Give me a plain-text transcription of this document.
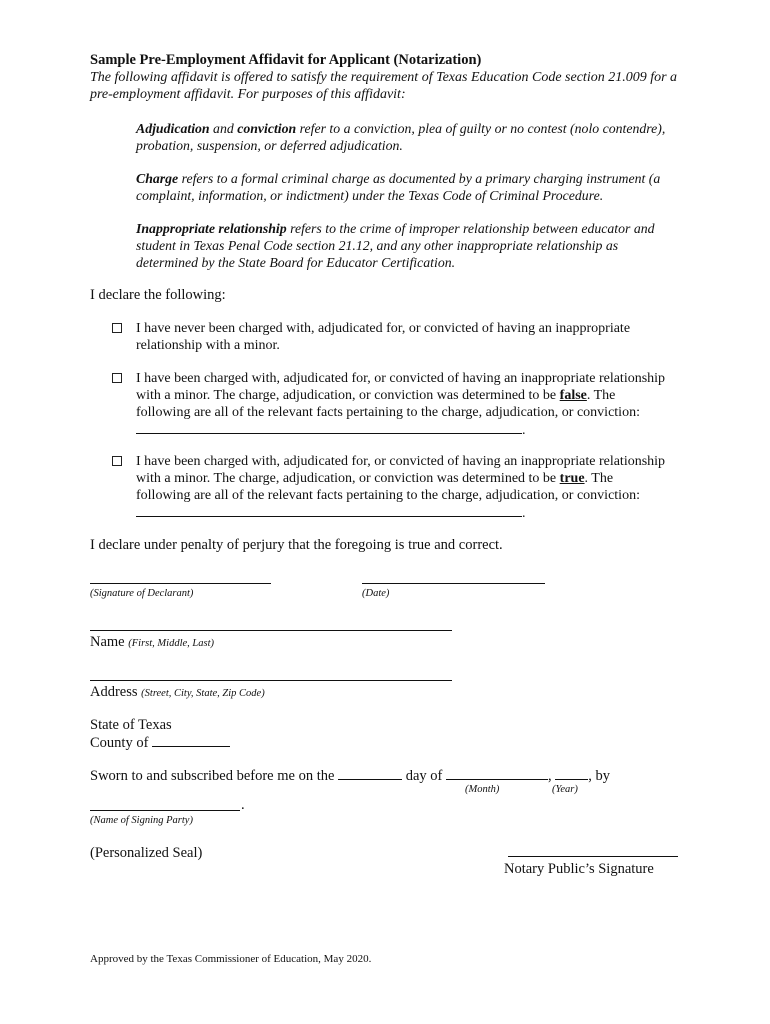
Sample Pre-Employment Affidavit for Applicant (Notarization)
The following affidavit is offered to satisfy the requirement of Texas Education Code section 21.009 for a pre-employment affidavit. For purposes of this affidavit:
Adjudication and conviction refer to a conviction, plea of guilty or no contest (nolo contendre), probation, suspension, or deferred adjudication.
Charge refers to a formal criminal charge as documented by a primary charging instrument (a complaint, information, or indictment) under the Texas Code of Criminal Procedure.
Inappropriate relationship refers to the crime of improper relationship between educator and student in Texas Penal Code section 21.12, and any other inappropriate relationship as determined by the State Board for Educator Certification.
I declare the following:
I have never been charged with, adjudicated for, or convicted of having an inappropriate relationship with a minor.
I have been charged with, adjudicated for, or convicted of having an inappropriate relationship with a minor. The charge, adjudication, or conviction was determined to be false. The following are all of the relevant facts pertaining to the charge, adjudication, or conviction: .
I have been charged with, adjudicated for, or convicted of having an inappropriate relationship with a minor. The charge, adjudication, or conviction was determined to be true. The following are all of the relevant facts pertaining to the charge, adjudication, or conviction: .
I declare under penalty of perjury that the foregoing is true and correct.
(Signature of Declarant)	(Date)
Name (First, Middle, Last)
Address (Street, City, State, Zip Code)
State of Texas
County of
Sworn to and subscribed before me on the	day of	,	, by
(Month)	(Year)
.
(Name of Signing Party)
(Personalized Seal)
Notary Public’s Signature
Approved by the Texas Commissioner of Education, May 2020.
